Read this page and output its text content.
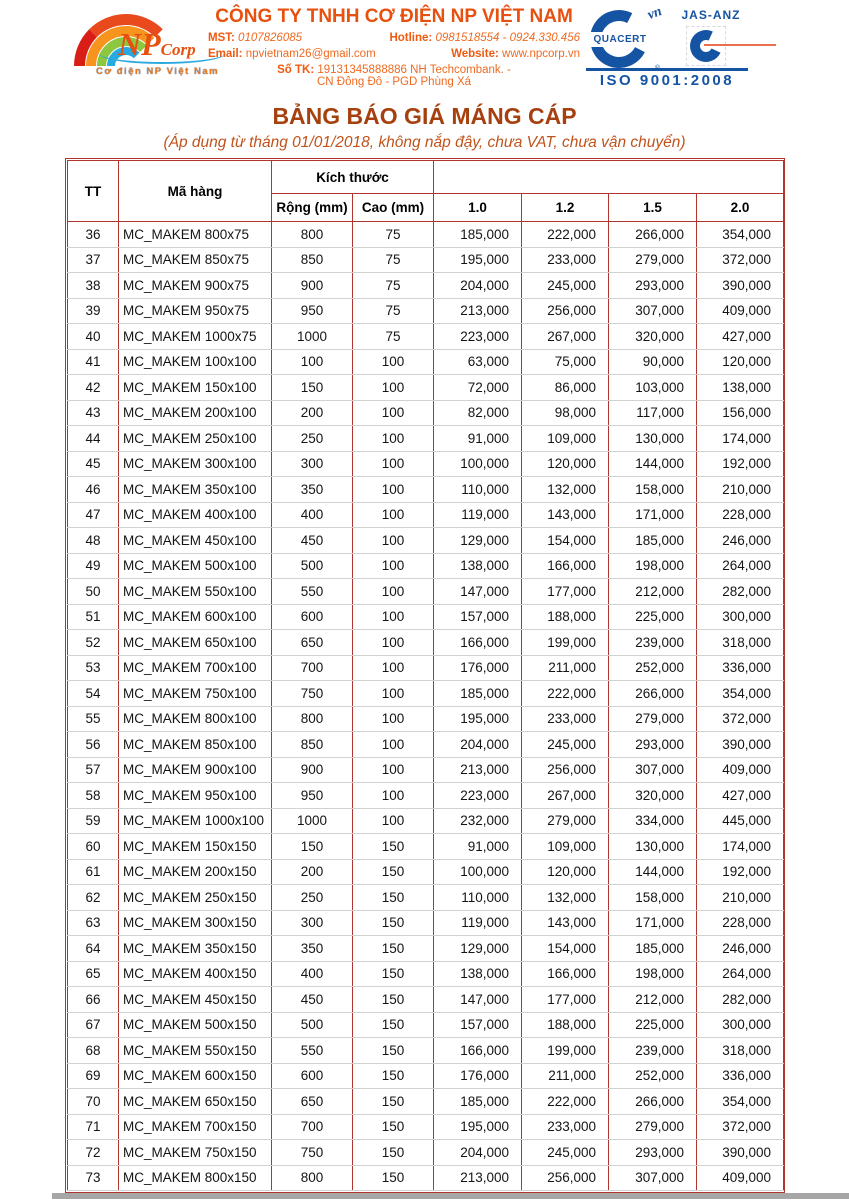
NPCorp
Cơ điện NP Việt Nam
CÔNG TY TNHH CƠ ĐIỆN NP VIỆT NAM
MST: 0107826085	Hotline: 0981518554 - 0924.330.456
Email: npvietnam26@gmail.com	Website: www.npcorp.vn
Số TK: 19131345888886 NH Techcombank. -
CN Đông Đô - PGD Phùng Xá
vn
QUACERT
®
JAS-ANZ
ISO 9001:2008
BẢNG BÁO GIÁ MÁNG CÁP
(Áp dụng từ tháng 01/01/2018, không nắp đậy, chưa VAT, chưa vận chuyển)
TT	Mã hàng	Kích thước					
		Rộng (mm)	Cao (mm)	1.0	1.2	1.5	2.0
36	MC_MAKEM 800x75	800	75	185,000	222,000	266,000	354,000
37	MC_MAKEM 850x75	850	75	195,000	233,000	279,000	372,000
38	MC_MAKEM 900x75	900	75	204,000	245,000	293,000	390,000
39	MC_MAKEM 950x75	950	75	213,000	256,000	307,000	409,000
40	MC_MAKEM 1000x75	1000	75	223,000	267,000	320,000	427,000
41	MC_MAKEM 100x100	100	100	63,000	75,000	90,000	120,000
42	MC_MAKEM 150x100	150	100	72,000	86,000	103,000	138,000
43	MC_MAKEM 200x100	200	100	82,000	98,000	117,000	156,000
44	MC_MAKEM 250x100	250	100	91,000	109,000	130,000	174,000
45	MC_MAKEM 300x100	300	100	100,000	120,000	144,000	192,000
46	MC_MAKEM 350x100	350	100	110,000	132,000	158,000	210,000
47	MC_MAKEM 400x100	400	100	119,000	143,000	171,000	228,000
48	MC_MAKEM 450x100	450	100	129,000	154,000	185,000	246,000
49	MC_MAKEM 500x100	500	100	138,000	166,000	198,000	264,000
50	MC_MAKEM 550x100	550	100	147,000	177,000	212,000	282,000
51	MC_MAKEM 600x100	600	100	157,000	188,000	225,000	300,000
52	MC_MAKEM 650x100	650	100	166,000	199,000	239,000	318,000
53	MC_MAKEM 700x100	700	100	176,000	211,000	252,000	336,000
54	MC_MAKEM 750x100	750	100	185,000	222,000	266,000	354,000
55	MC_MAKEM 800x100	800	100	195,000	233,000	279,000	372,000
56	MC_MAKEM 850x100	850	100	204,000	245,000	293,000	390,000
57	MC_MAKEM 900x100	900	100	213,000	256,000	307,000	409,000
58	MC_MAKEM 950x100	950	100	223,000	267,000	320,000	427,000
59	MC_MAKEM 1000x100	1000	100	232,000	279,000	334,000	445,000
60	MC_MAKEM 150x150	150	150	91,000	109,000	130,000	174,000
61	MC_MAKEM 200x150	200	150	100,000	120,000	144,000	192,000
62	MC_MAKEM 250x150	250	150	110,000	132,000	158,000	210,000
63	MC_MAKEM 300x150	300	150	119,000	143,000	171,000	228,000
64	MC_MAKEM 350x150	350	150	129,000	154,000	185,000	246,000
65	MC_MAKEM 400x150	400	150	138,000	166,000	198,000	264,000
66	MC_MAKEM 450x150	450	150	147,000	177,000	212,000	282,000
67	MC_MAKEM 500x150	500	150	157,000	188,000	225,000	300,000
68	MC_MAKEM 550x150	550	150	166,000	199,000	239,000	318,000
69	MC_MAKEM 600x150	600	150	176,000	211,000	252,000	336,000
70	MC_MAKEM 650x150	650	150	185,000	222,000	266,000	354,000
71	MC_MAKEM 700x150	700	150	195,000	233,000	279,000	372,000
72	MC_MAKEM 750x150	750	150	204,000	245,000	293,000	390,000
73	MC_MAKEM 800x150	800	150	213,000	256,000	307,000	409,000
